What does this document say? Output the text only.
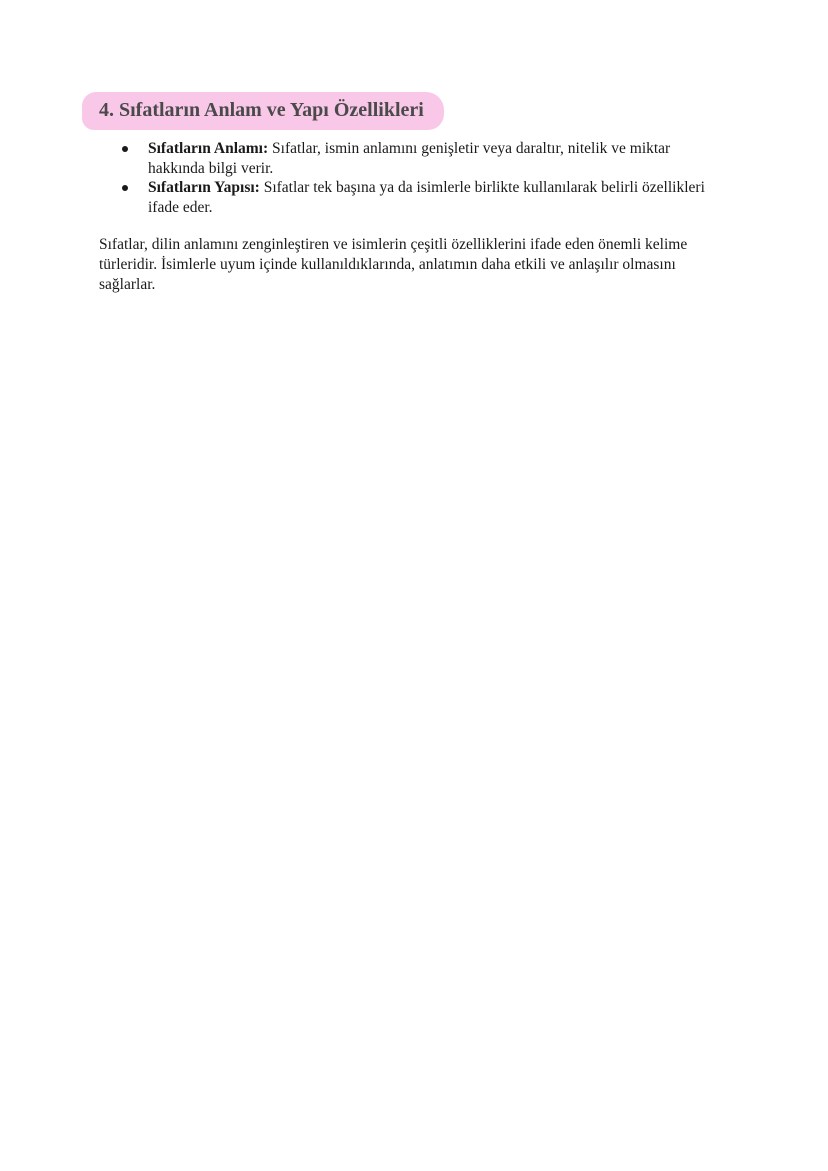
4. Sıfatların Anlam ve Yapı Özellikleri
Sıfatların Anlamı: Sıfatlar, ismin anlamını genişletir veya daraltır, nitelik ve miktar hakkında bilgi verir.
Sıfatların Yapısı: Sıfatlar tek başına ya da isimlerle birlikte kullanılarak belirli özellikleri ifade eder.

Sıfatlar, dilin anlamını zenginleştiren ve isimlerin çeşitli özelliklerini ifade eden önemli kelime türleridir. İsimlerle uyum içinde kullanıldıklarında, anlatımın daha etkili ve anlaşılır olmasını sağlarlar.
